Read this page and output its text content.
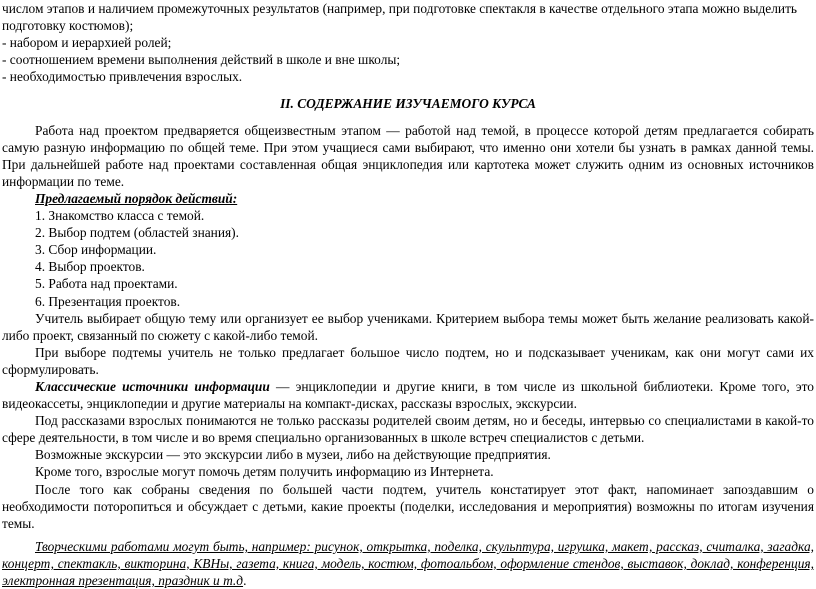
числом этапов и наличием промежуточных результатов (например, при подготовке спектакля в качестве отдельного этапа можно выделить подготовку костюмов);

- набором и иерархией ролей;

- соотношением времени выполнения действий в школе и вне школы;

- необходимостью привлечения взрослых.

II. СОДЕРЖАНИЕ ИЗУЧАЕМОГО КУРСА

Работа над проектом предваряется общеизвестным этапом — работой над темой, в процессе которой детям предлагается собирать самую разную информацию по общей теме. При этом учащиеся сами выбирают, что именно они хотели бы узнать в рамках данной темы. При дальнейшей работе над проектами составленная общая энциклопедия или картотека может служить одним из основных источников информации по теме.

Предлагаемый порядок действий:

1. Знакомство класса с темой.

2. Выбор подтем (областей знания).

3. Сбор информации.

4. Выбор проектов.

5. Работа над проектами.

6. Презентация проектов.

Учитель выбирает общую тему или организует ее выбор учениками. Критерием выбора темы может быть желание реализовать какой-либо проект, связанный по сюжету с какой-либо темой.

При выборе подтемы учитель не только предлагает большое число подтем, но и подсказывает ученикам, как они могут сами их сформулировать.

Классические источники информации — энциклопедии и другие книги, в том числе из школьной библиотеки. Кроме того, это видеокассеты, энциклопедии и другие материалы на компакт-дисках, рассказы взрослых, экскурсии.

Под рассказами взрослых понимаются не только рассказы родителей своим детям, но и беседы, интервью со специалистами в какой-то сфере деятельности, в том числе и во время специально организованных в школе встреч специалистов с детьми.

Возможные экскурсии — это экскурсии либо в музеи, либо на действующие предприятия.

Кроме того, взрослые могут помочь детям получить информацию из Интернета.

После того как собраны сведения по большей части подтем, учитель констатирует этот факт, напоминает запоздавшим о необходимости поторопиться и обсуждает с детьми, какие проекты (поделки, исследования и мероприятия) возможны по итогам изучения темы.

Творческими работами могут быть, например: рисунок, открытка, поделка, скульптура, игрушка, макет, рассказ, считалка, загадка, концерт, спектакль, викторина, КВНы, газета, книга, модель, костюм, фотоальбом, оформление стендов, выставок, доклад, конференция, электронная презентация, праздник и т.д.
